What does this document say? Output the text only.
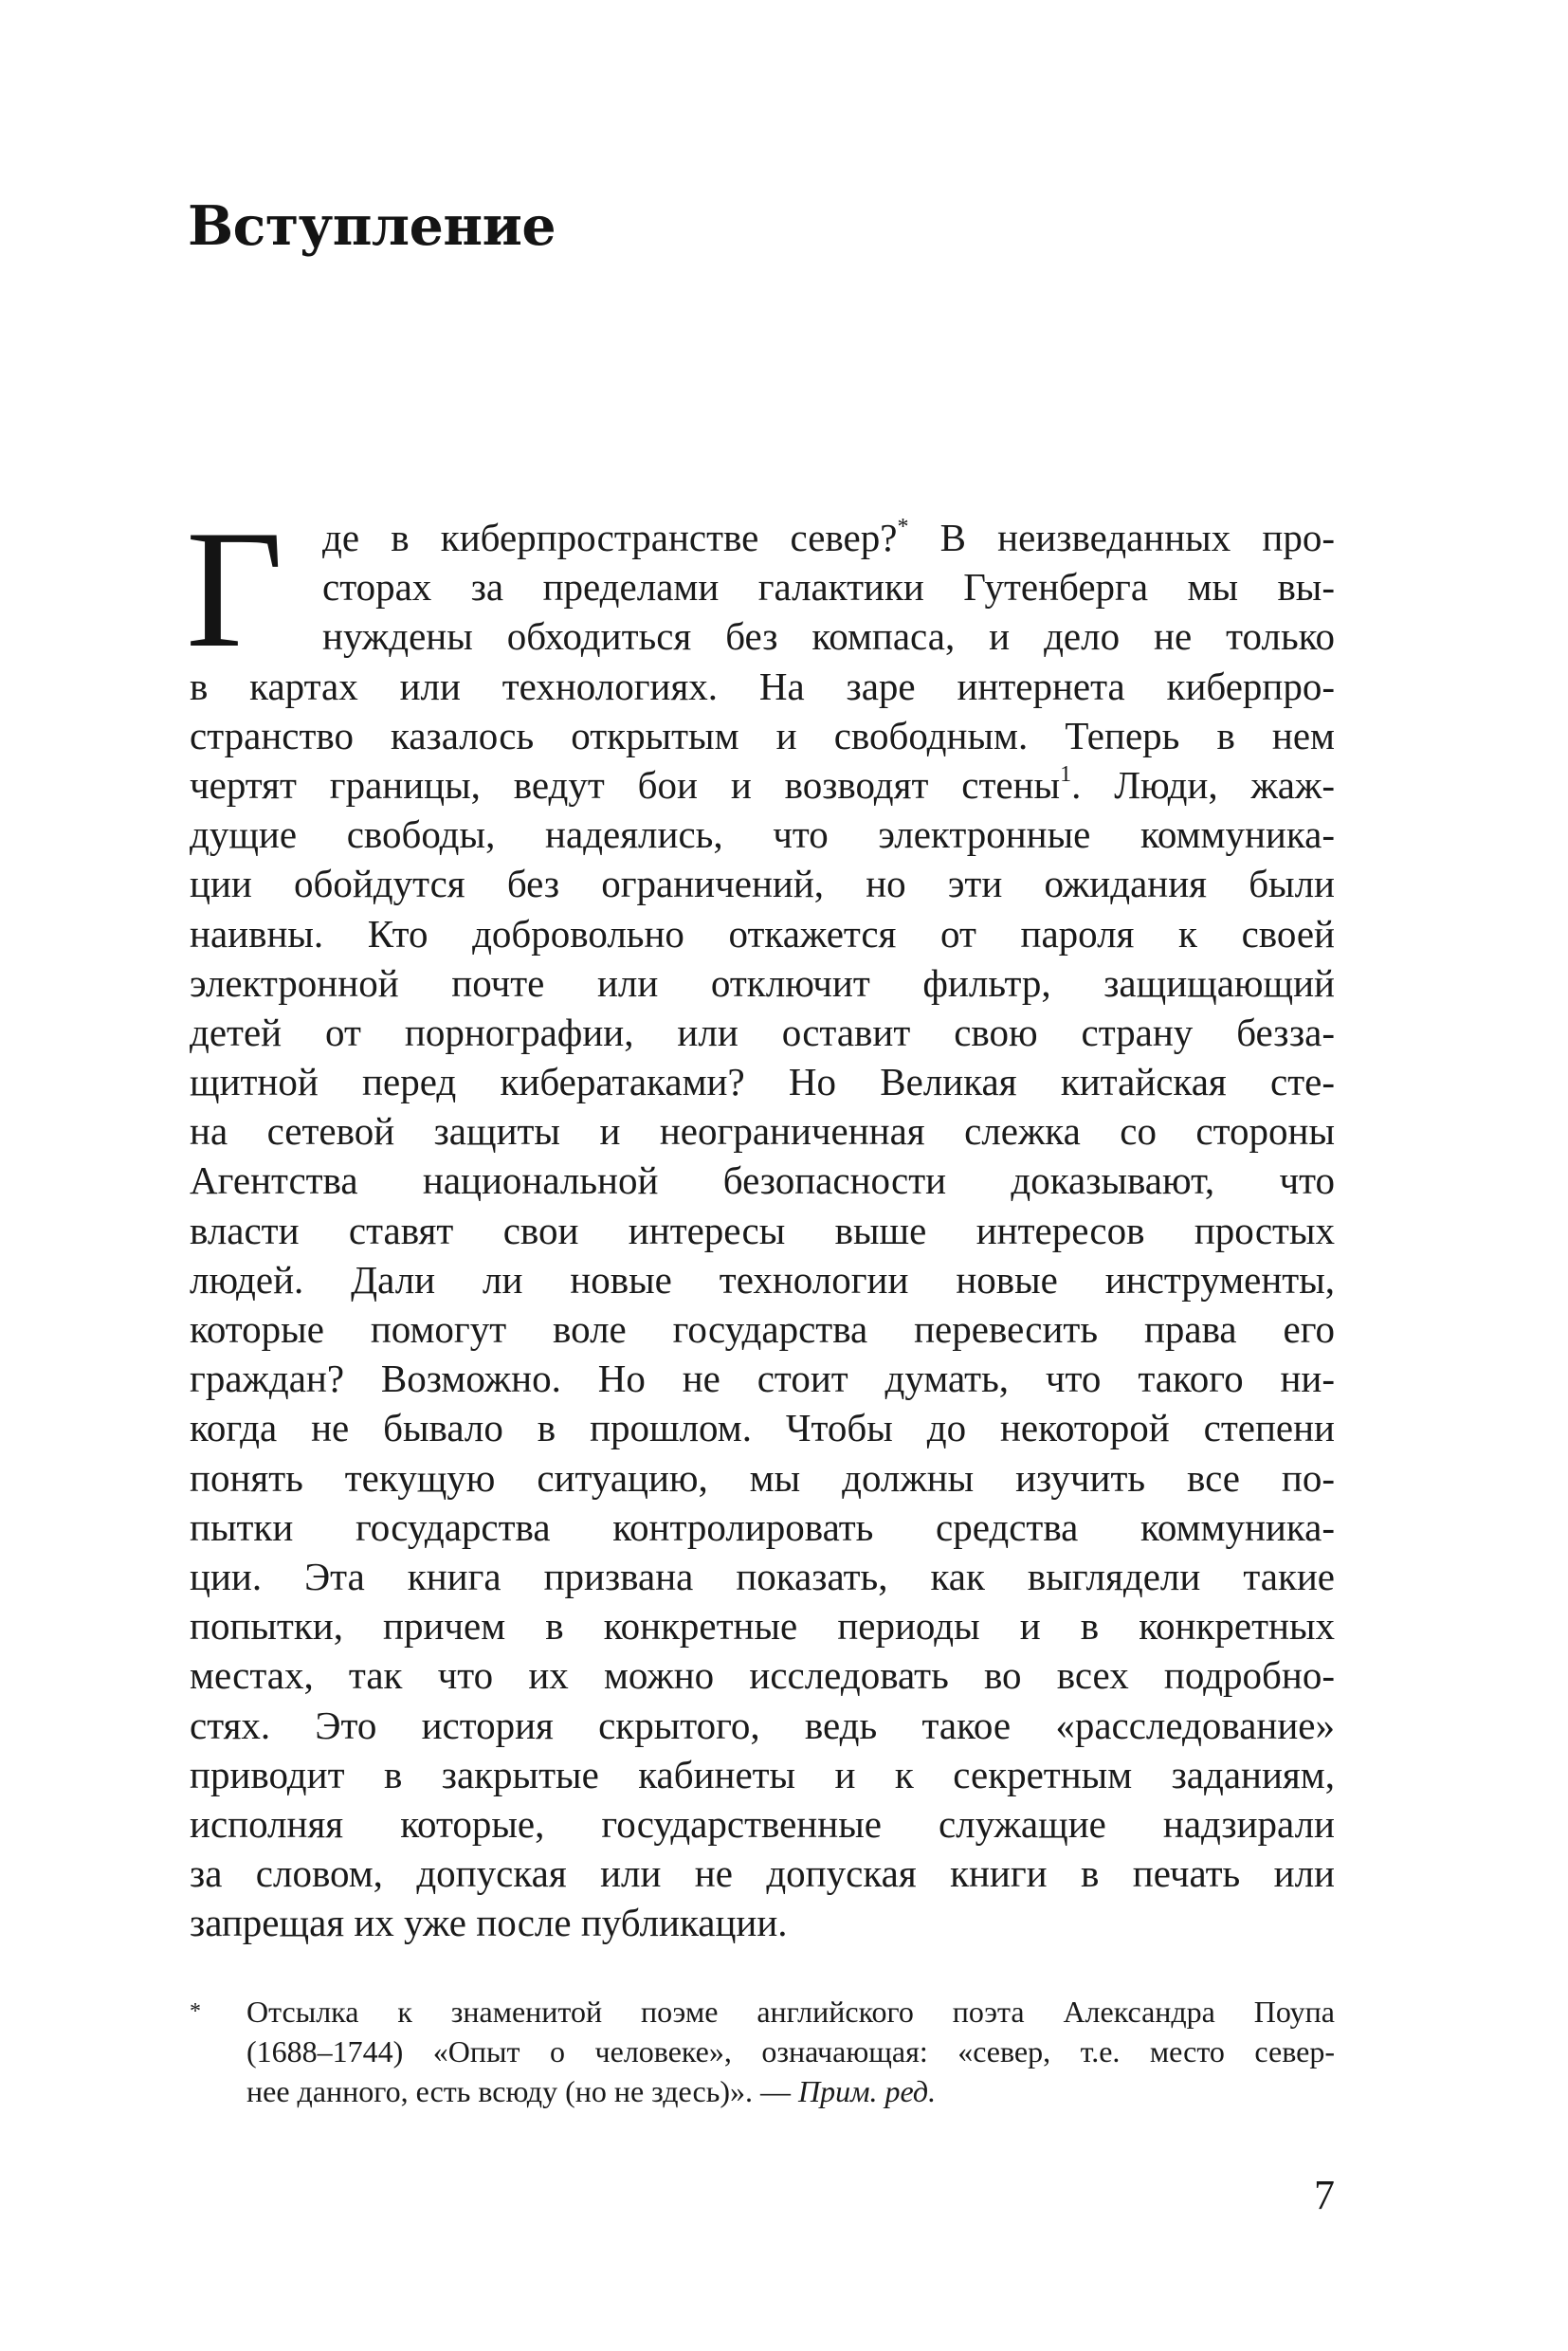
Вступление
Г де в киберпространстве север?* В неизведанных про-
сторах за пределами галактики Гутенберга мы вы-
нуждены обходиться без компаса, и дело не только
в картах или технологиях. На заре интернета киберпро-
странство казалось открытым и свободным. Теперь в нем
чертят границы, ведут бои и возводят стены$^1$. Люди, жаж-
дущие свободы, надеялись, что электронные коммуника-
ции обойдутся без ограничений, но эти ожидания были
наивны. Кто добровольно откажется от пароля к своей
электронной почте или отключит фильтр, защищающий
детей от порнографии, или оставит свою страну безза-
щитной перед кибератаками? Но Великая китайская сте-
на сетевой защиты и неограниченная слежка со стороны
Агентства национальной безопасности доказывают, что
власти ставят свои интересы выше интересов простых
людей. Дали ли новые технологии новые инструменты,
которые помогут воле государства перевесить права его
граждан? Возможно. Но не стоит думать, что такого ни-
когда не бывало в прошлом. Чтобы до некоторой степени
понять текущую ситуацию, мы должны изучить все по-
пытки государства контролировать средства коммуника-
ции. Эта книга призвана показать, как выглядели такие
попытки, причем в конкретные периоды и в конкретных
местах, так что их можно исследовать во всех подробно-
стях. Это история скрытого, ведь такое «расследование»
приводит в закрытые кабинеты и к секретным заданиям,
исполняя которые, государственные служащие надзирали
за словом, допуская или не допуская книги в печать или
запрещая их уже после публикации.
* Отсылка к знаменитой поэме английского поэта Александра Поупа
(1688–1744) «Опыт о человеке», означающая: «север, т.е. место север-
нее данного, есть всюду (но не здесь)». — Прим. ред.
7
